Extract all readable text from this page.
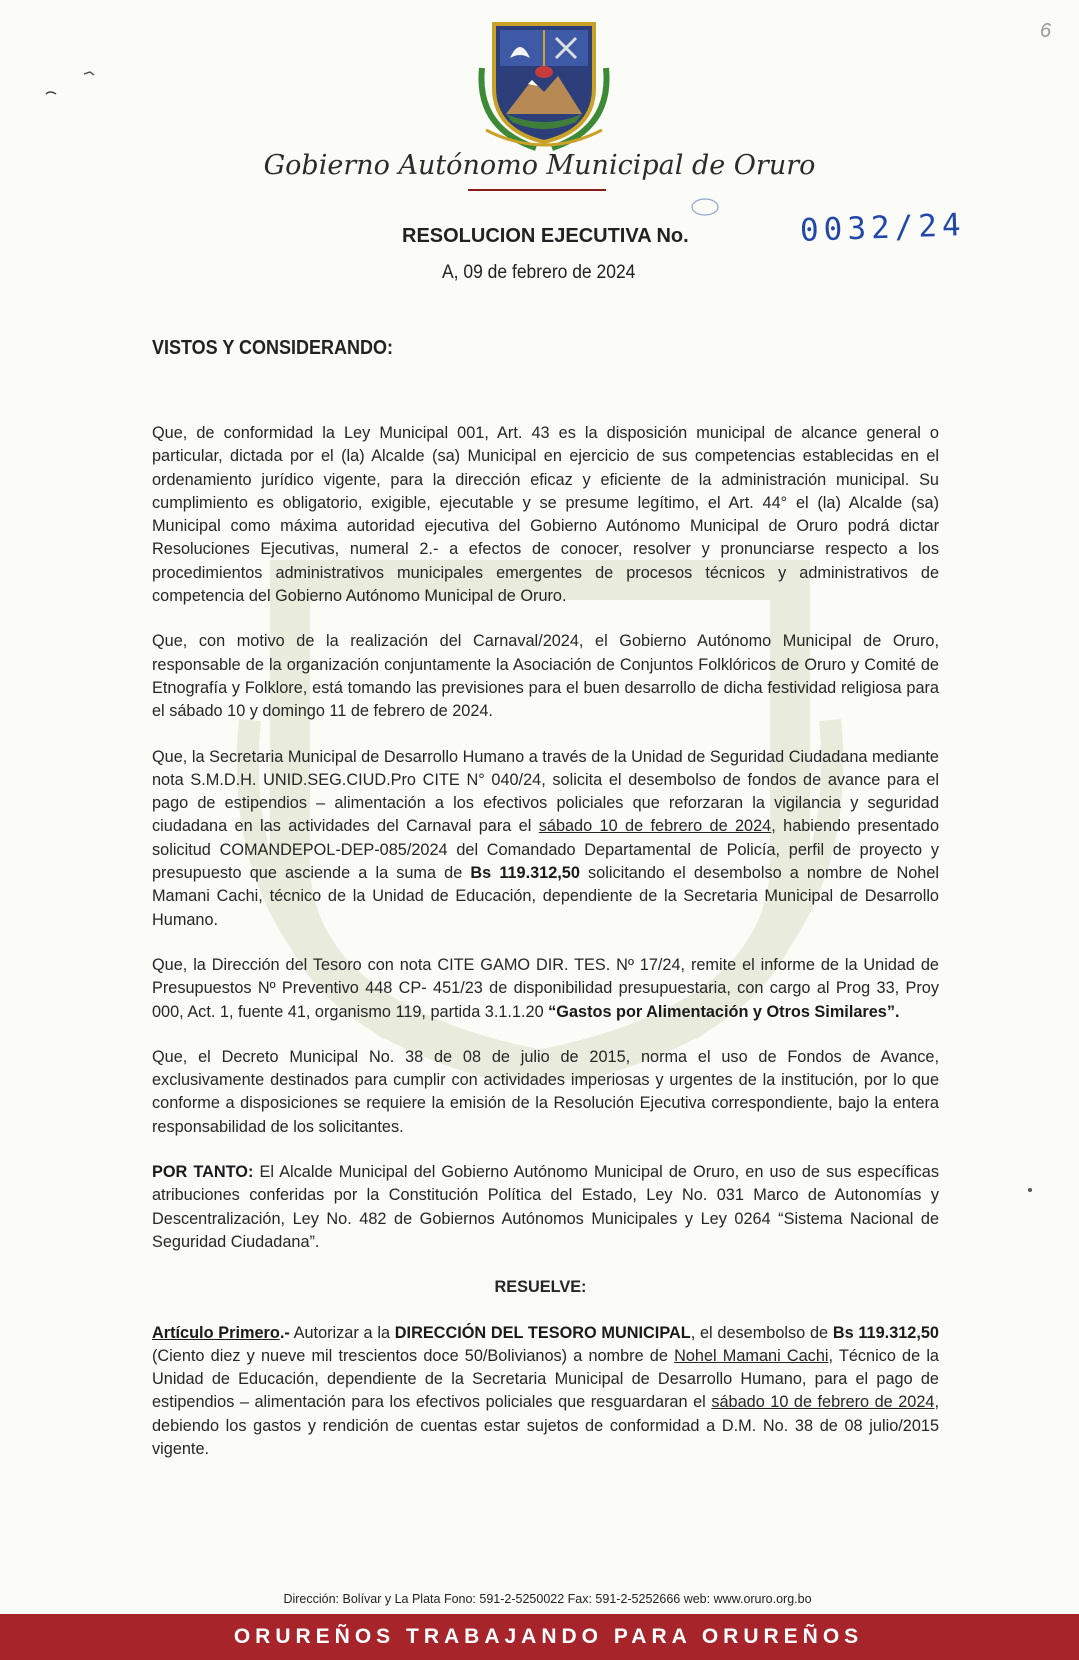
6
Gobierno Autónomo Municipal de Oruro
RESOLUCION EJECUTIVA No.	0032/24
A, 09 de febrero de 2024
VISTOS Y CONSIDERANDO:

Que, de conformidad la Ley Municipal 001, Art. 43 es la disposición municipal de alcance general o particular, dictada por el (la) Alcalde (sa) Municipal en ejercicio de sus competencias establecidas en el ordenamiento jurídico vigente, para la dirección eficaz y eficiente de la administración municipal. Su cumplimiento es obligatorio, exigible, ejecutable y se presume legítimo, el Art. 44° el (la) Alcalde (sa) Municipal como máxima autoridad ejecutiva del Gobierno Autónomo Municipal de Oruro podrá dictar Resoluciones Ejecutivas, numeral 2.- a efectos de conocer, resolver y pronunciarse respecto a los procedimientos administrativos municipales emergentes de procesos técnicos y administrativos de competencia del Gobierno Autónomo Municipal de Oruro.

Que, con motivo de la realización del Carnaval/2024, el Gobierno Autónomo Municipal de Oruro, responsable de la organización conjuntamente la Asociación de Conjuntos Folklóricos de Oruro y Comité de Etnografía y Folklore, está tomando las previsiones para el buen desarrollo de dicha festividad religiosa para el sábado 10 y domingo 11 de febrero de 2024.

Que, la Secretaria Municipal de Desarrollo Humano a través de la Unidad de Seguridad Ciudadana mediante nota S.M.D.H. UNID.SEG.CIUD.Pro CITE N° 040/24, solicita el desembolso de fondos de avance para el pago de estipendios – alimentación a los efectivos policiales que reforzaran la vigilancia y seguridad ciudadana en las actividades del Carnaval para el sábado 10 de febrero de 2024, habiendo presentado solicitud COMANDEPOL-DEP-085/2024 del Comandado Departamental de Policía, perfil de proyecto y presupuesto que asciende a la suma de Bs 119.312,50 solicitando el desembolso a nombre de Nohel Mamani Cachi, técnico de la Unidad de Educación, dependiente de la Secretaria Municipal de Desarrollo Humano.

Que, la Dirección del Tesoro con nota CITE GAMO DIR. TES. Nº 17/24, remite el informe de la Unidad de Presupuestos Nº Preventivo 448 CP- 451/23 de disponibilidad presupuestaria, con cargo al Prog 33, Proy 000, Act. 1, fuente 41, organismo 119, partida 3.1.1.20 “Gastos por Alimentación y Otros Similares”.

Que, el Decreto Municipal No. 38 de 08 de julio de 2015, norma el uso de Fondos de Avance, exclusivamente destinados para cumplir con actividades imperiosas y urgentes de la institución, por lo que conforme a disposiciones se requiere la emisión de la Resolución Ejecutiva correspondiente, bajo la entera responsabilidad de los solicitantes.

POR TANTO: El Alcalde Municipal del Gobierno Autónomo Municipal de Oruro, en uso de sus específicas atribuciones conferidas por la Constitución Política del Estado, Ley No. 031 Marco de Autonomías y Descentralización, Ley No. 482 de Gobiernos Autónomos Municipales y Ley 0264 “Sistema Nacional de Seguridad Ciudadana”.

RESUELVE:

Artículo Primero.- Autorizar a la DIRECCIÓN DEL TESORO MUNICIPAL, el desembolso de Bs 119.312,50 (Ciento diez y nueve mil trescientos doce 50/Bolivianos) a nombre de Nohel Mamani Cachi, Técnico de la Unidad de Educación, dependiente de la Secretaria Municipal de Desarrollo Humano, para el pago de estipendios – alimentación para los efectivos policiales que resguardaran el sábado 10 de febrero de 2024, debiendo los gastos y rendición de cuentas estar sujetos de conformidad a D.M. No. 38 de 08 julio/2015 vigente.

Dirección: Bolívar y La Plata Fono: 591-2-5250022 Fax: 591-2-5252666 web: www.oruro.org.bo
ORUREÑOS TRABAJANDO PARA ORUREÑOS
